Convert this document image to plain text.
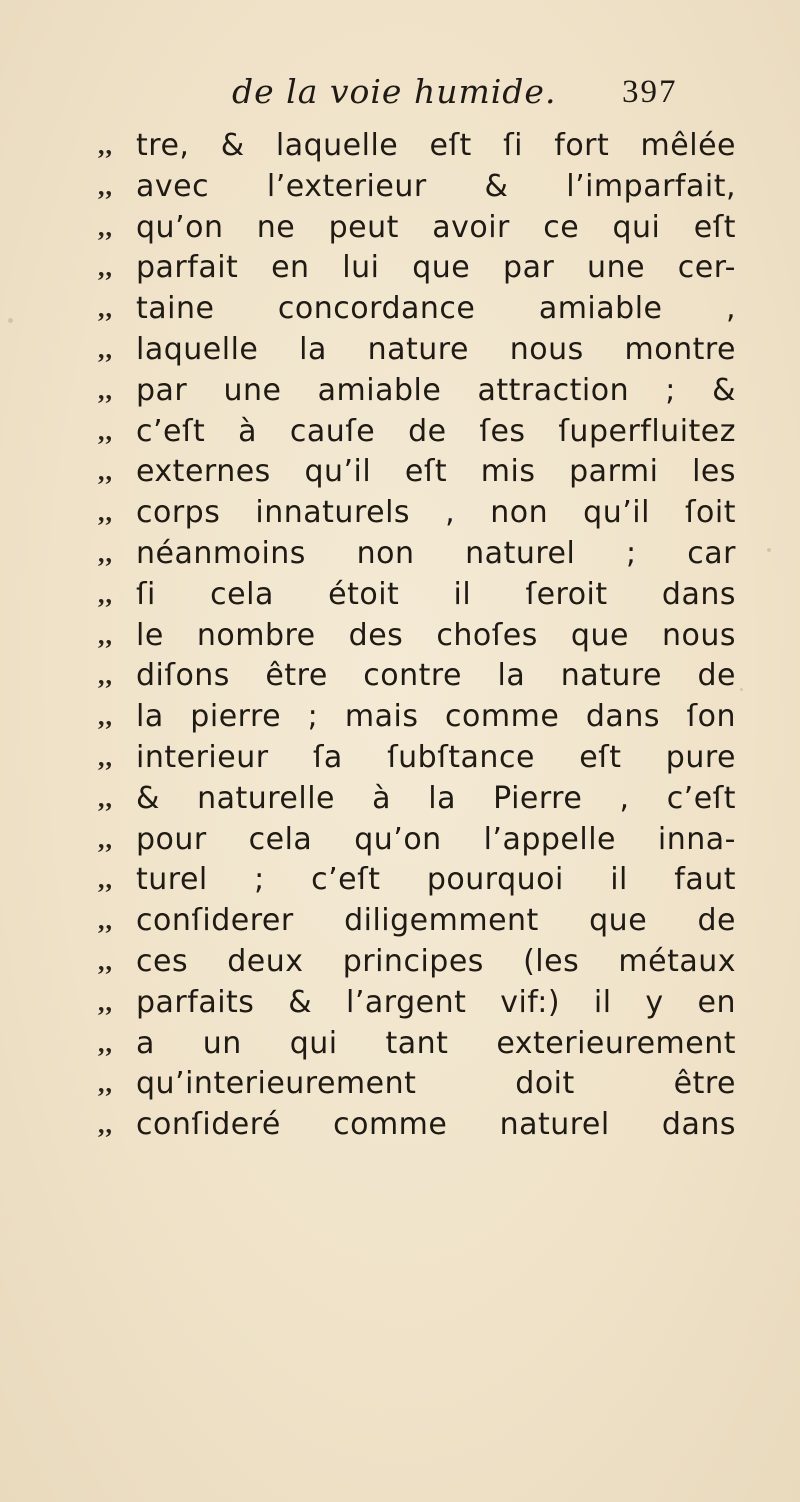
de la voie humide. 397
,, tre, & laquelle eſt ſi fort mêlée
,, avec l’exterieur & l’imparfait,
,, qu’on ne peut avoir ce qui eſt
,, parfait en lui que par une cer-
,, taine concordance amiable ,
,, laquelle la nature nous montre
,, par une amiable attraction ; &
,, c’eſt à cauſe de ſes ſuperfluitez
,, externes qu’il eſt mis parmi les
,, corps innaturels , non qu’il ſoit
,, néanmoins non naturel ; car
,, ſi cela étoit il ſeroit dans
,, le nombre des choſes que nous
,, diſons être contre la nature de
,, la pierre ; mais comme dans ſon
,, interieur ſa ſubſtance eſt pure
,, & naturelle à la Pierre , c’eſt
,, pour cela qu’on l’appelle inna-
,, turel ; c’eſt pourquoi il faut
,, conſiderer diligemment que de
,, ces deux principes (les métaux
,, parfaits & l’argent vif:) il y en
,, a un qui tant exterieurement
,, qu’interieurement doit être
,, conſideré comme naturel dans
